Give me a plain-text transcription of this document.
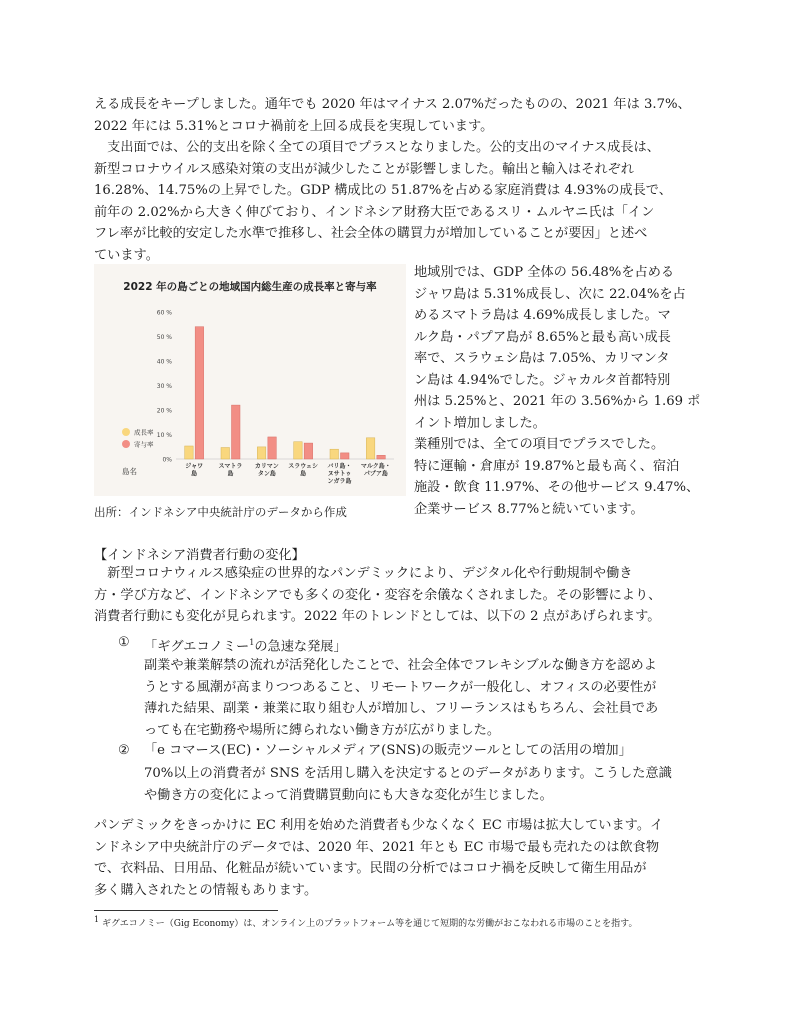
える成長をキープしました。通年でも 2020 年はマイナス 2.07%だったものの、2021 年は 3.7%、
2022 年には 5.31%とコロナ禍前を上回る成長を実現しています。
　支出面では、公的支出を除く全ての項目でプラスとなりました。公的支出のマイナス成長は、
新型コロナウイルス感染対策の支出が減少したことが影響しました。輸出と輸入はそれぞれ
16.28%、14.75%の上昇でした。GDP 構成比の 51.87%を占める家庭消費は 4.93%の成長で、
前年の 2.02%から大きく伸びており、インドネシア財務大臣であるスリ・ムルヤニ氏は「イン
フレ率が比較的安定した水準で推移し、社会全体の購買力が増加していることが要因」と述べ
ています。
2022 年の島ごとの地域国内総生産の成長率と寄与率
0%
10 %
20 %
30 %
40 %
50 %
60 %
ジャワ
島
スマトラ
島
カリマン
タン島
スラウェシ
島
バリ島・
ヌサトゥ
ンガラ島
マルク島・
パプア島
成長率
寄与率
島名
出所：インドネシア中央統計庁のデータから作成
地域別では、GDP 全体の 56.48%を占める
ジャワ島は 5.31%成長し、次に 22.04%を占
めるスマトラ島は 4.69%成長しました。マ
ルク島・パプア島が 8.65%と最も高い成長
率で、スラウェシ島は 7.05%、カリマンタ
ン島は 4.94%でした。ジャカルタ首都特別
州は 5.25%と、2021 年の 3.56%から 1.69 ポ
イント増加しました。
業種別では、全ての項目でプラスでした。
特に運輸・倉庫が 19.87%と最も高く、宿泊
施設・飲食 11.97%、その他サービス 9.47%、
企業サービス 8.77%と続いています。
【インドネシア消費者行動の変化】
　新型コロナウィルス感染症の世界的なパンデミックにより、デジタル化や行動規制や働き
方・学び方など、インドネシアでも多くの変化・変容を余儀なくされました。その影響により、
消費者行動にも変化が見られます。2022 年のトレンドとしては、以下の 2 点があげられます。
① 「ギグエコノミー$^1$の急速な発展」
副業や兼業解禁の流れが活発化したことで、社会全体でフレキシブルな働き方を認めよ
うとする風潮が高まりつつあること、リモートワークが一般化し、オフィスの必要性が
薄れた結果、副業・兼業に取り組む人が増加し、フリーランスはもちろん、会社員であ
っても在宅勤務や場所に縛られない働き方が広がりました。
② 「e コマース(EC)・ソーシャルメディア(SNS)の販売ツールとしての活用の増加」
70%以上の消費者が SNS を活用し購入を決定するとのデータがあります。こうした意識
や働き方の変化によって消費購買動向にも大きな変化が生じました。
パンデミックをきっかけに EC 利用を始めた消費者も少なくなく EC 市場は拡大しています。イ
ンドネシア中央統計庁のデータでは、2020 年、2021 年とも EC 市場で最も売れたのは飲食物
で、衣料品、日用品、化粧品が続いています。民間の分析ではコロナ禍を反映して衛生用品が
多く購入されたとの情報もあります。
$^1$ ギグエコノミー（Gig Economy）は、オンライン上のプラットフォーム等を通じて短期的な労働がおこなわれる市場のことを指す。
